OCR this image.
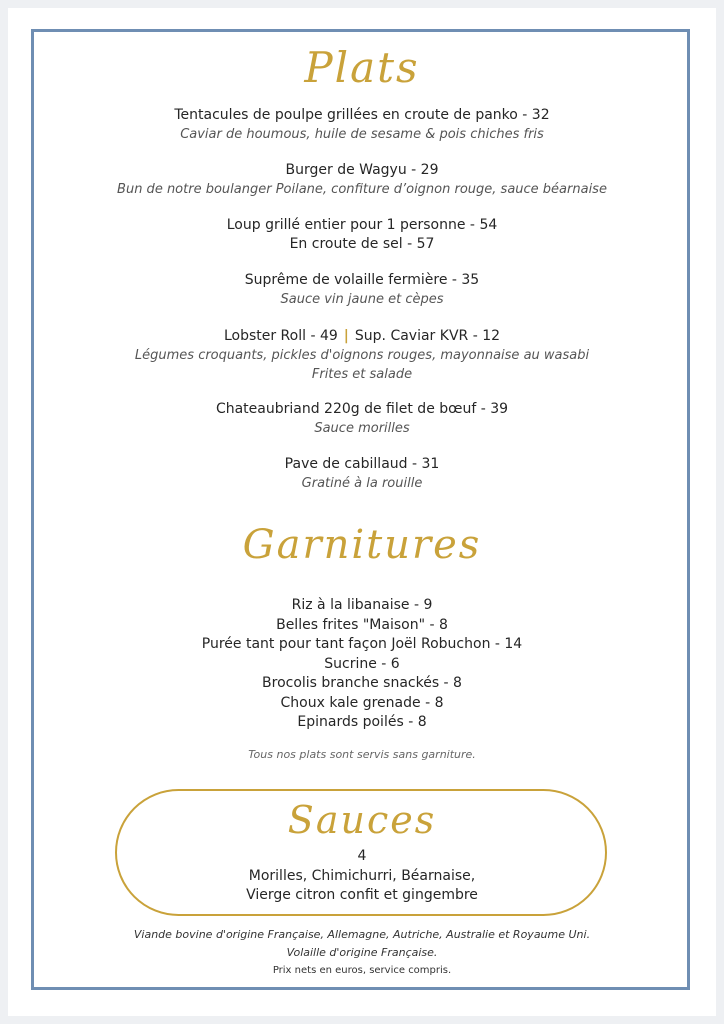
Plats
Tentacules de poulpe grillées en croute de panko - 32
Caviar de houmous, huile de sesame & pois chiches fris
Burger de Wagyu - 29
Bun de notre boulanger Poilane, confiture d’oignon rouge, sauce béarnaise
Loup grillé entier pour 1 personne - 54
En croute de sel - 57
Suprême de volaille fermière - 35
Sauce vin jaune et cèpes
Lobster Roll - 49 | Sup. Caviar KVR - 12
Légumes croquants, pickles d'oignons rouges, mayonnaise au wasabi
Frites et salade
Chateaubriand 220g de filet de bœuf - 39
Sauce morilles
Pave de cabillaud - 31
Gratiné à la rouille
Garnitures
Riz à la libanaise - 9
Belles frites "Maison" - 8
Purée tant pour tant façon Joël Robuchon - 14
Sucrine - 6
Brocolis branche snackés - 8
Choux kale grenade - 8
Epinards poilés - 8
Tous nos plats sont servis sans garniture.
Sauces
4
Morilles, Chimichurri, Béarnaise,
Vierge citron confit et gingembre
Viande bovine d'origine Française, Allemagne, Autriche, Australie et Royaume Uni.
Volaille d'origine Française.
Prix nets en euros, service compris.
